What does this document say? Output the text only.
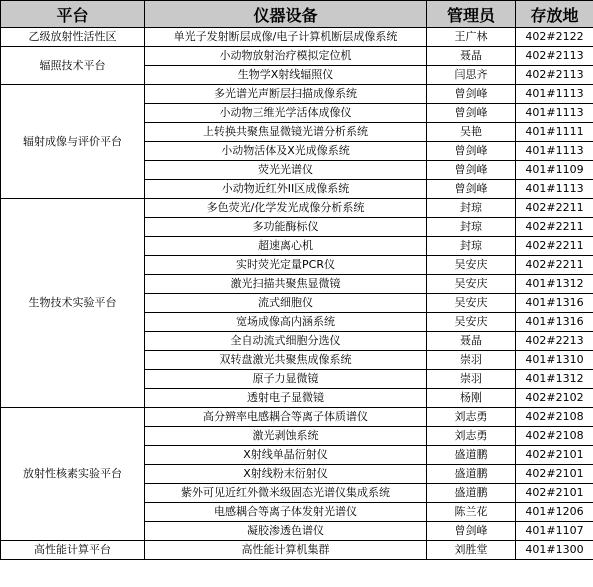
平台	仪器设备	管理员	存放地
乙级放射性活性区	单光子发射断层成像/电子计算机断层成像系统	王广林	402#2122
辐照技术平台	小动物放射治疗模拟定位机	聂晶	402#2113
	生物学X射线辐照仪	闫思齐	402#2113
辐射成像与评价平台	多光谱光声断层扫描成像系统	曾剑峰	401#1113
	小动物三维光学活体成像仪	曾剑峰	401#1113
	上转换共聚焦显微镜光谱分析系统	吴艳	401#1111
	小动物活体及X光成像系统	曾剑峰	401#1113
	荧光光谱仪	曾剑峰	401#1109
	小动物近红外II区成像系统	曾剑峰	401#1113
生物技术实验平台	多色荧光/化学发光成像分析系统	封琼	402#2211
	多功能酶标仪	封琼	402#2211
	超速离心机	封琼	402#2211
	实时荧光定量PCR仪	吴安庆	402#2211
	激光扫描共聚焦显微镜	吴安庆	401#1312
	流式细胞仪	吴安庆	401#1316
	宽场成像高内涵系统	吴安庆	401#1316
	全自动流式细胞分选仪	聂晶	402#2213
	双转盘激光共聚焦成像系统	崇羽	401#1310
	原子力显微镜	崇羽	401#1312
	透射电子显微镜	杨刚	402#2102
放射性核素实验平台	高分辨率电感耦合等离子体质谱仪	刘志勇	402#2108
	激光剥蚀系统	刘志勇	402#2108
	X射线单晶衍射仪	盛道鹏	402#2101
	X射线粉末衍射仪	盛道鹏	402#2101
	紫外可见近红外微米级固态光谱仪集成系统	盛道鹏	402#2101
	电感耦合等离子体发射光谱仪	陈兰花	401#1206
	凝胶渗透色谱仪	曾剑峰	401#1107
高性能计算平台	高性能计算机集群	刘胜堂	401#1300
